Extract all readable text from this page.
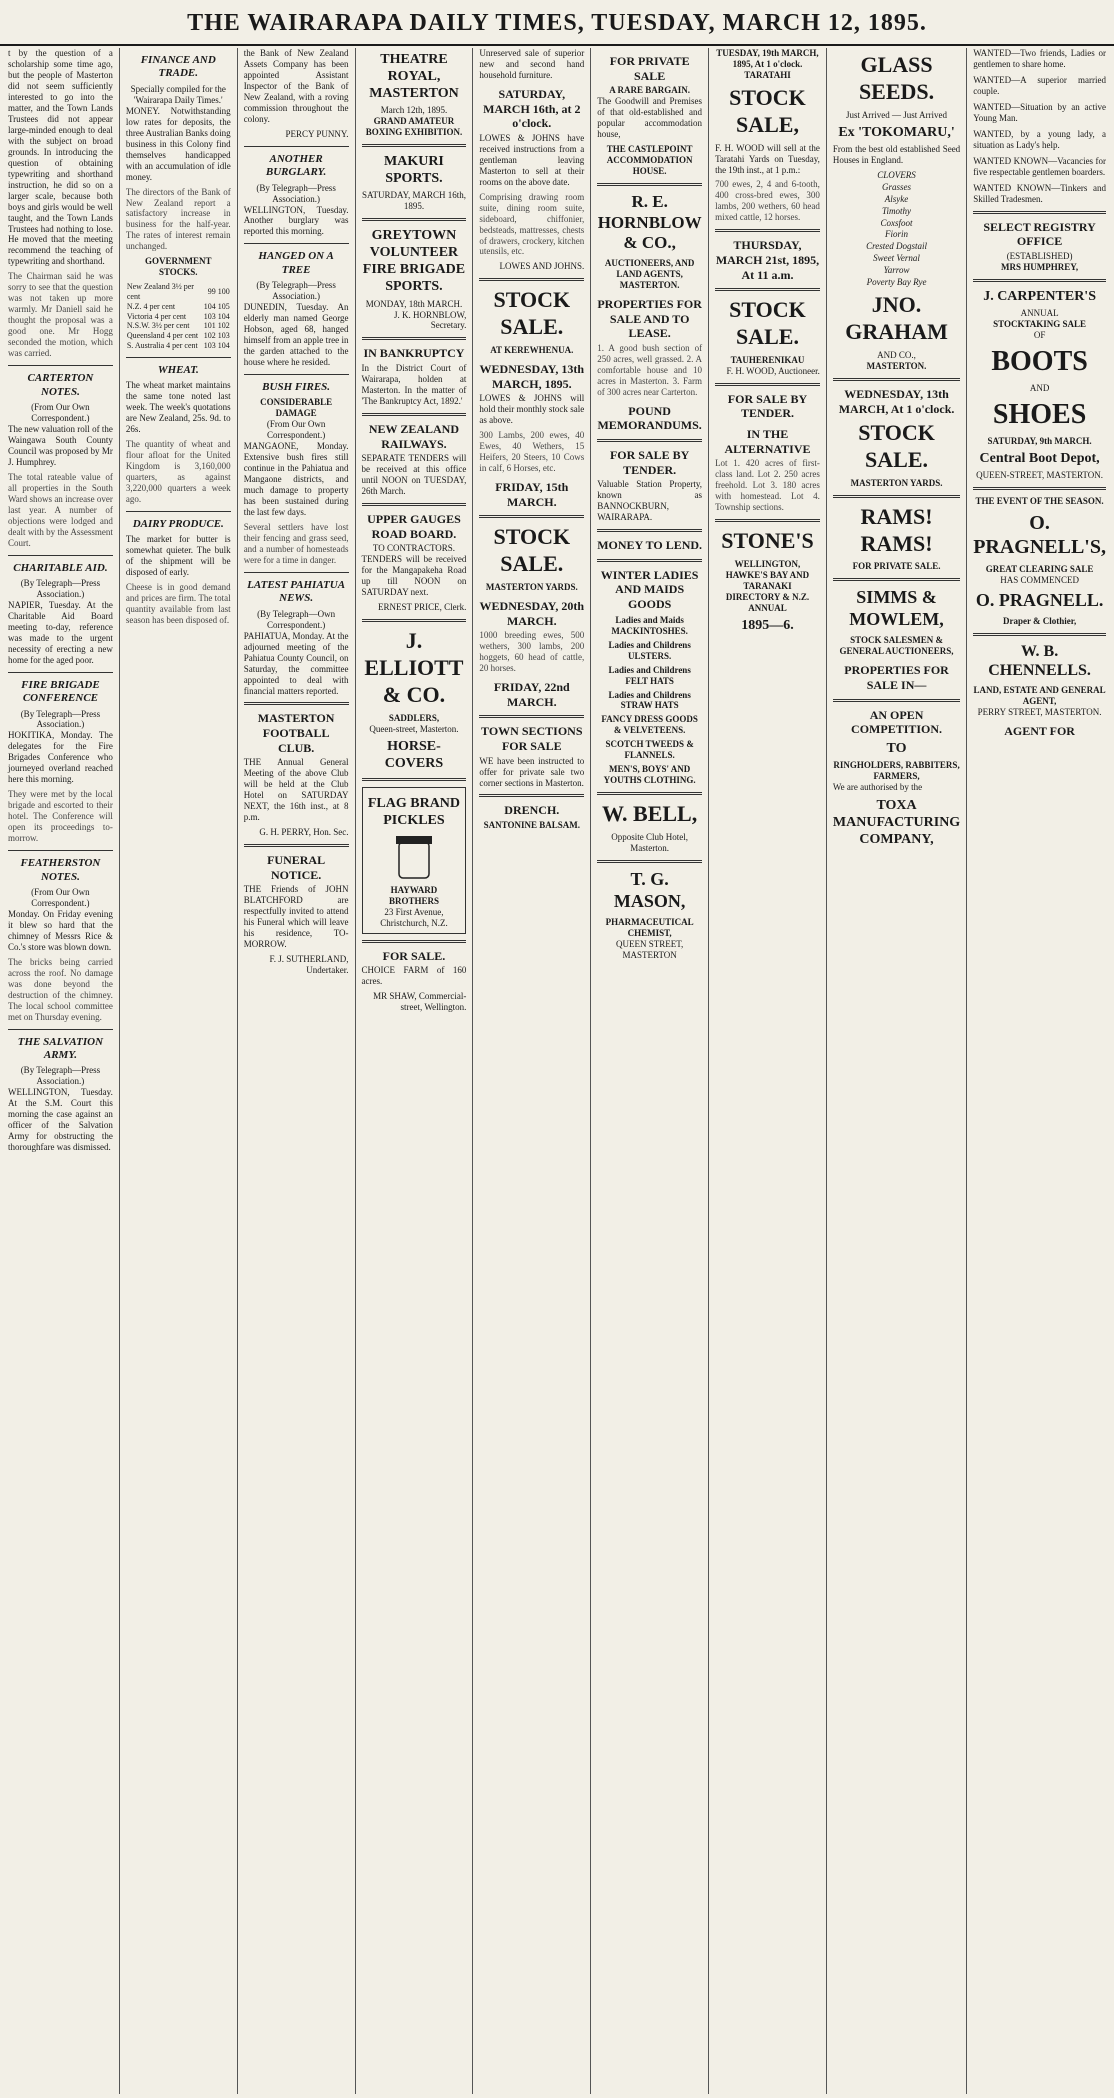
THE WAIRARAPA DAILY TIMES, TUESDAY, MARCH 12, 1895.

t by the question of a scholarship some time ago, but the people of Masterton did not seem sufficiently interested to go into the matter, and the Town Lands Trustees did not appear large-minded enough to deal with the subject on broad grounds. In introducing the question of obtaining typewriting and shorthand instruction, he did so on a larger scale, because both boys and girls would be well taught, and the Town Lands Trustees had nothing to lose. He moved that the meeting recommend the teaching of typewriting and shorthand.

The Chairman said he was sorry to see that the question was not taken up more warmly. Mr Daniell said he thought the proposal was a good one. Mr Hogg seconded the motion, which was carried.

CARTERTON NOTES.
(From Our Own Correspondent.)

The new valuation roll of the Waingawa South County Council was proposed by Mr J. Humphrey.

The total rateable value of all properties in the South Ward shows an increase over last year. A number of objections were lodged and dealt with by the Assessment Court.

CHARITABLE AID.
(By Telegraph—Press Association.)

NAPIER, Tuesday. At the Charitable Aid Board meeting to-day, reference was made to the urgent necessity of erecting a new home for the aged poor.

FIRE BRIGADE CONFERENCE
(By Telegraph—Press Association.)

HOKITIKA, Monday. The delegates for the Fire Brigades Conference who journeyed overland reached here this morning.

They were met by the local brigade and escorted to their hotel. The Conference will open its proceedings to-morrow.

FEATHERSTON NOTES.
(From Our Own Correspondent.)

Monday. On Friday evening it blew so hard that the chimney of Messrs Rice & Co.'s store was blown down.

The bricks being carried across the roof. No damage was done beyond the destruction of the chimney. The local school committee met on Thursday evening.

THE SALVATION ARMY.
(By Telegraph—Press Association.)

WELLINGTON, Tuesday. At the S.M. Court this morning the case against an officer of the Salvation Army for obstructing the thoroughfare was dismissed.

FINANCE AND TRADE.
Specially compiled for the 'Wairarapa Daily Times.'

MONEY. Notwithstanding low rates for deposits, the three Australian Banks doing business in this Colony find themselves handicapped with an accumulation of idle money.

The directors of the Bank of New Zealand report a satisfactory increase in business for the half-year. The rates of interest remain unchanged.

GOVERNMENT STOCKS.
New Zealand 3½ per cent	99	100
N.Z. 4 per cent	104	105
Victoria 4 per cent	103	104
N.S.W. 3½ per cent	101	102
Queensland 4 per cent	102	103
S. Australia 4 per cent	103	104
WHEAT.

The wheat market maintains the same tone noted last week. The week's quotations are New Zealand, 25s. 9d. to 26s.

The quantity of wheat and flour afloat for the United Kingdom is 3,160,000 quarters, as against 3,220,000 quarters a week ago.

DAIRY PRODUCE.

The market for butter is somewhat quieter. The bulk of the shipment will be disposed of early.

Cheese is in good demand and prices are firm. The total quantity available from last season has been disposed of.

the Bank of New Zealand Assets Company has been appointed Assistant Inspector of the Bank of New Zealand, with a roving commission throughout the colony.

PERCY PUNNY.
ANOTHER BURGLARY.
(By Telegraph—Press Association.)

WELLINGTON, Tuesday. Another burglary was reported this morning.

HANGED ON A TREE
(By Telegraph—Press Association.)

DUNEDIN, Tuesday. An elderly man named George Hobson, aged 68, hanged himself from an apple tree in the garden attached to the house where he resided.

BUSH FIRES.
CONSIDERABLE DAMAGE
(From Our Own Correspondent.)

MANGAONE, Monday. Extensive bush fires still continue in the Pahiatua and Mangaone districts, and much damage to property has been sustained during the last few days.

Several settlers have lost their fencing and grass seed, and a number of homesteads were for a time in danger.

LATEST PAHIATUA NEWS.
(By Telegraph—Own Correspondent.)

PAHIATUA, Monday. At the adjourned meeting of the Pahiatua County Council, on Saturday, the committee appointed to deal with financial matters reported.

MASTERTON FOOTBALL CLUB.

THE Annual General Meeting of the above Club will be held at the Club Hotel on SATURDAY NEXT, the 16th inst., at 8 p.m.

G. H. PERRY, Hon. Sec.
FUNERAL NOTICE.

THE Friends of JOHN BLATCHFORD are respectfully invited to attend his Funeral which will leave his residence, TO-MORROW.

F. J. SUTHERLAND, Undertaker.
THEATRE ROYAL, MASTERTON
March 12th, 1895.
GRAND AMATEUR BOXING EXHIBITION.
MAKURI SPORTS.
SATURDAY, MARCH 16th, 1895.
GREYTOWN VOLUNTEER FIRE BRIGADE SPORTS.
MONDAY, 18th MARCH.
J. K. HORNBLOW, Secretary.
IN BANKRUPTCY

In the District Court of Wairarapa, holden at Masterton. In the matter of 'The Bankruptcy Act, 1892.'

NEW ZEALAND RAILWAYS.

SEPARATE TENDERS will be received at this office until NOON on TUESDAY, 26th March.

UPPER GAUGES ROAD BOARD.
TO CONTRACTORS.

TENDERS will be received for the Mangapakeha Road up till NOON on SATURDAY next.

ERNEST PRICE, Clerk.
J. ELLIOTT & CO.
SADDLERS,
Queen-street, Masterton.
HORSE-COVERS
FLAG BRAND PICKLES
HAYWARD BROTHERS
23 First Avenue, Christchurch, N.Z.
FOR SALE.

CHOICE FARM of 160 acres.

MR SHAW, Commercial-street, Wellington.

Unreserved sale of superior new and second hand household furniture.

SATURDAY, MARCH 16th, at 2 o'clock.

LOWES & JOHNS have received instructions from a gentleman leaving Masterton to sell at their rooms on the above date.

Comprising drawing room suite, dining room suite, sideboard, chiffonier, bedsteads, mattresses, chests of drawers, crockery, kitchen utensils, etc.

LOWES AND JOHNS.
STOCK SALE.
AT KEREWHENUA.
WEDNESDAY, 13th MARCH, 1895.

LOWES & JOHNS will hold their monthly stock sale as above.

300 Lambs, 200 ewes, 40 Ewes, 40 Wethers, 15 Heifers, 20 Steers, 10 Cows in calf, 6 Horses, etc.

FRIDAY, 15th MARCH.
STOCK SALE.
MASTERTON YARDS.
WEDNESDAY, 20th MARCH.

1000 breeding ewes, 500 wethers, 300 lambs, 200 hoggets, 60 head of cattle, 20 horses.

FRIDAY, 22nd MARCH.
TOWN SECTIONS FOR SALE

WE have been instructed to offer for private sale two corner sections in Masterton.

DRENCH.
SANTONINE BALSAM.
FOR PRIVATE SALE
A RARE BARGAIN.

The Goodwill and Premises of that old-established and popular accommodation house,

THE CASTLEPOINT ACCOMMODATION HOUSE.
R. E. HORNBLOW & CO.,
AUCTIONEERS, AND LAND AGENTS, MASTERTON.
PROPERTIES FOR SALE AND TO LEASE.

1. A good bush section of 250 acres, well grassed. 2. A comfortable house and 10 acres in Masterton. 3. Farm of 300 acres near Carterton.

POUND MEMORANDUMS.
FOR SALE BY TENDER.

Valuable Station Property, known as BANNOCKBURN, WAIRARAPA.

MONEY TO LEND.
WINTER LADIES AND MAIDS GOODS
Ladies and Maids MACKINTOSHES.
Ladies and Childrens ULSTERS.
Ladies and Childrens FELT HATS
Ladies and Childrens STRAW HATS
FANCY DRESS GOODS & VELVETEENS.
SCOTCH TWEEDS & FLANNELS.
MEN'S, BOYS' AND YOUTHS CLOTHING.
W. BELL,
Opposite Club Hotel, Masterton.
T. G. MASON,
PHARMACEUTICAL CHEMIST,
QUEEN STREET, MASTERTON
TUESDAY, 19th MARCH, 1895, At 1 o'clock.
TARATAHI
STOCK SALE,

F. H. WOOD will sell at the Taratahi Yards on Tuesday, the 19th inst., at 1 p.m.:

700 ewes, 2, 4 and 6-tooth, 400 cross-bred ewes, 300 lambs, 200 wethers, 60 head mixed cattle, 12 horses.

THURSDAY, MARCH 21st, 1895, At 11 a.m.
STOCK SALE.
TAUHERENIKAU
F. H. WOOD, Auctioneer.
FOR SALE BY TENDER.
IN THE ALTERNATIVE

Lot 1. 420 acres of first-class land. Lot 2. 250 acres freehold. Lot 3. 180 acres with homestead. Lot 4. Township sections.

STONE'S
WELLINGTON, HAWKE'S BAY AND TARANAKI
DIRECTORY & N.Z. ANNUAL
1895—6.
GLASS SEEDS.
Just Arrived — Just Arrived
Ex 'TOKOMARU,'

From the best old established Seed Houses in England.

CLOVERS
Grasses
Alsyke
Timothy
Coxsfoot
Fiorin
Crested Dogstail
Sweet Vernal
Yarrow
Poverty Bay Rye
JNO. GRAHAM
AND CO.,
MASTERTON.
WEDNESDAY, 13th MARCH, At 1 o'clock.
STOCK SALE.
MASTERTON YARDS.
RAMS! RAMS!
FOR PRIVATE SALE.
SIMMS & MOWLEM,
STOCK SALESMEN & GENERAL AUCTIONEERS,
PROPERTIES FOR SALE IN—
AN OPEN COMPETITION.
TO
RINGHOLDERS, RABBITERS, FARMERS,

We are authorised by the

TOXA MANUFACTURING COMPANY,
WANTED—Two friends, Ladies or gentlemen to share home.
WANTED—A superior married couple.
WANTED—Situation by an active Young Man.
WANTED, by a young lady, a situation as Lady's help.
WANTED KNOWN—Vacancies for five respectable gentlemen boarders.
WANTED KNOWN—Tinkers and Skilled Tradesmen.
SELECT REGISTRY OFFICE
(ESTABLISHED)
MRS HUMPHREY,
J. CARPENTER'S
ANNUAL
STOCKTAKING SALE
OF
BOOTS
AND
SHOES
SATURDAY, 9th MARCH.
Central Boot Depot,
QUEEN-STREET, MASTERTON.
THE EVENT OF THE SEASON.
O. PRAGNELL'S,
GREAT CLEARING SALE
HAS COMMENCED
O. PRAGNELL.
Draper & Clothier,
W. B. CHENNELLS.
LAND, ESTATE AND GENERAL AGENT,
PERRY STREET, MASTERTON.
AGENT FOR
